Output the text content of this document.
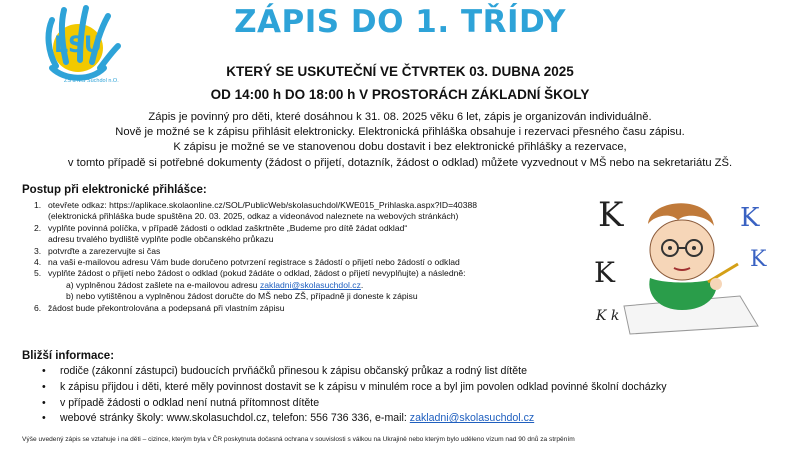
LSU
ZŠ a MŠ Suchdol n.O.
ZÁPIS DO 1. TŘÍDY
KTERÝ SE USKUTEČNÍ VE ČTVRTEK 03. DUBNA 2025
OD 14:00 h DO 18:00 h V PROSTORÁCH ZÁKLADNÍ ŠKOLY
Zápis je povinný pro děti, které dosáhnou k 31. 08. 2025 věku 6 let, zápis je organizován individuálně.
Nově je možné se k zápisu přihlásit elektronicky. Elektronická přihláška obsahuje i rezervaci přesného času zápisu.
K zápisu je možné se ve stanovenou dobu dostavit i bez elektronické přihlášky a rezervace,
v tomto případě si potřebné dokumenty (žádost o přijetí, dotazník, žádost o odklad) můžete vyzvednout v MŠ nebo na sekretariátu ZŠ.
Postup při elektronické přihlášce:
1. otevřete odkaz: https://aplikace.skolaonline.cz/SOL/PublicWeb/skolasuchdol/KWE015_Prihlaska.aspx?ID=40388
(elektronická přihláška bude spuštěna 20. 03. 2025, odkaz a videonávod naleznete na webových stránkách)
2. vyplňte povinná políčka, v případě žádosti o odklad zaškrtněte „Budeme pro dítě žádat odklad“
adresu trvalého bydliště vyplňte podle občanského průkazu
3. potvrďte a zarezervujte si čas
4. na vaši e-mailovou adresu Vám bude doručeno potvrzení registrace s žádostí o přijetí nebo žádostí o odklad
5. vyplňte žádost o přijetí nebo žádost o odklad (pokud žádáte o odklad, žádost o přijetí nevyplňujte) a následně:
a) vyplněnou žádost zašlete na e-mailovou adresu zakladni@skolasuchdol.cz.
b) nebo vytištěnou a vyplněnou žádost doručte do MŠ nebo ZŠ, případně ji doneste k zápisu
6. žádost bude překontrolována a podepsaná při vlastním zápisu
K
K
K
K
K k
Bližší informace:
• rodiče (zákonní zástupci) budoucích prvňáčků přinesou k zápisu občanský průkaz a rodný list dítěte
• k zápisu přijdou i děti, které měly povinnost dostavit se k zápisu v minulém roce a byl jim povolen odklad povinné školní docházky
• v případě žádosti o odklad není nutná přítomnost dítěte
• webové stránky školy: www.skolasuchdol.cz, telefon: 556 736 336, e-mail: zakladni@skolasuchdol.cz
Výše uvedený zápis se vztahuje i na děti – cizince, kterým byla v ČR poskytnuta dočasná ochrana v souvislosti s válkou na Ukrajině nebo kterým bylo uděleno vízum nad 90 dnů za strpěním
